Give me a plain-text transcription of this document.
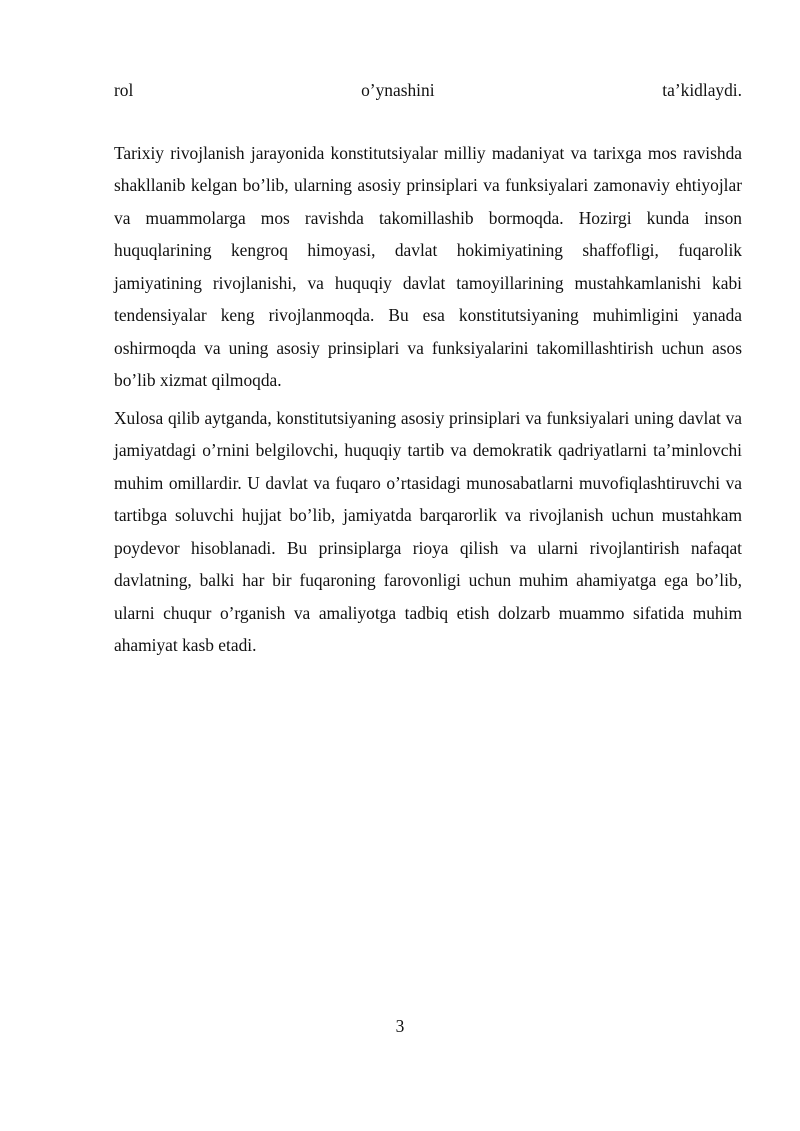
rol o’ynashini ta’kidlaydi.

Tarixiy rivojlanish jarayonida konstitutsiyalar milliy madaniyat va tarixga mos ravishda shakllanib kelgan bo’lib, ularning asosiy prinsiplari va funksiyalari zamonaviy ehtiyojlar va muammolarga mos ravishda takomillashib bormoqda. Hozirgi kunda inson huquqlarining kengroq himoyasi, davlat hokimiyatining shaffofligi, fuqarolik jamiyatining rivojlanishi, va huquqiy davlat tamoyillarining mustahkamlanishi kabi tendensiyalar keng rivojlanmoqda. Bu esa konstitutsiyaning muhimligini yanada oshirmoqda va uning asosiy prinsiplari va funksiyalarini takomillashtirish uchun asos bo’lib xizmat qilmoqda.

Xulosa qilib aytganda, konstitutsiyaning asosiy prinsiplari va funksiyalari uning davlat va jamiyatdagi o’rnini belgilovchi, huquqiy tartib va demokratik qadriyatlarni ta’minlovchi muhim omillardir. U davlat va fuqaro o’rtasidagi munosabatlarni muvofiqlashtiruvchi va tartibga soluvchi hujjat bo’lib, jamiyatda barqarorlik va rivojlanish uchun mustahkam poydevor hisoblanadi. Bu prinsiplarga rioya qilish va ularni rivojlantirish nafaqat davlatning, balki har bir fuqaroning farovonligi uchun muhim ahamiyatga ega bo’lib, ularni chuqur o’rganish va amaliyotga tadbiq etish dolzarb muammo sifatida muhim ahamiyat kasb etadi.

3
